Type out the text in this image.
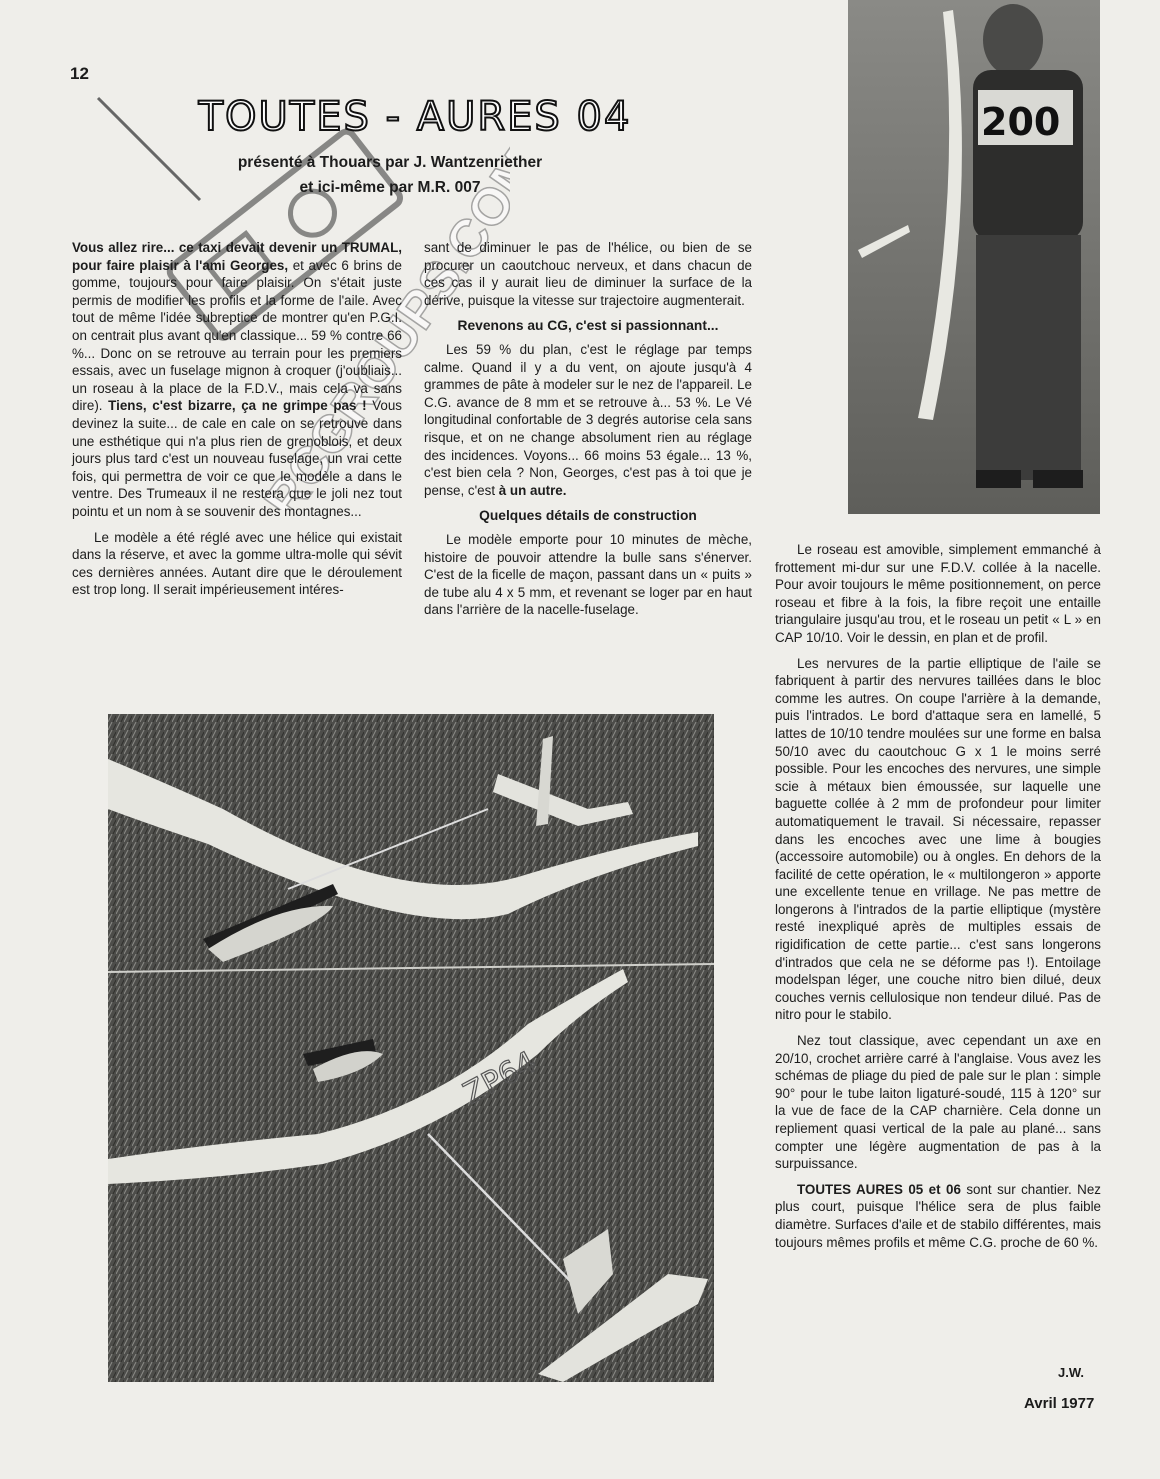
12
RCGROUPS.COM
TOUTES - AURES 04
présenté à Thouars par J. Wantzenriether
et ici-même par M.R. 007
200

Vous allez rire... ce taxi devait devenir un TRUMAL, pour faire plaisir à l'ami Georges, et avec 6 brins de gomme, toujours pour faire plaisir. On s'était juste permis de modifier les profils et la forme de l'aile. Avec tout de même l'idée subreptice de montrer qu'en P.G.I. on centrait plus avant qu'en classique... 59 % contre 66 %... Donc on se retrouve au terrain pour les premiers essais, avec un fuselage mignon à croquer (j'oubliais... un roseau à la place de la F.D.V., mais cela va sans dire). Tiens, c'est bizarre, ça ne grimpe pas ! Vous devinez la suite... de cale en cale on se retrouve dans une esthétique qui n'a plus rien de grenoblois, et deux jours plus tard c'est un nouveau fuselage, un vrai cette fois, qui permettra de voir ce que le modèle a dans le ventre. Des Trumeaux il ne restera que le joli nez tout pointu et un nom à se souvenir des montagnes...

Le modèle a été réglé avec une hélice qui existait dans la réserve, et avec la gomme ultra-molle qui sévit ces dernières années. Autant dire que le déroulement est trop long. Il serait impérieusement intéres-

sant de diminuer le pas de l'hélice, ou bien de se procurer un caoutchouc nerveux, et dans chacun de ces cas il y aurait lieu de diminuer la surface de la dérive, puisque la vitesse sur trajectoire augmenterait.

Revenons au CG, c'est si passionnant...

Les 59 % du plan, c'est le réglage par temps calme. Quand il y a du vent, on ajoute jusqu'à 4 grammes de pâte à modeler sur le nez de l'appareil. Le C.G. avance de 8 mm et se retrouve à... 53 %. Le Vé longitudinal confortable de 3 degrés autorise cela sans risque, et on ne change absolument rien au réglage des incidences. Voyons... 66 moins 53 égale... 13 %, c'est bien cela ? Non, Georges, c'est pas à toi que je pense, c'est à un autre.

Quelques détails de construction

Le modèle emporte pour 10 minutes de mèche, histoire de pouvoir attendre la bulle sans s'énerver. C'est de la ficelle de maçon, passant dans un « puits » de tube alu 4 x 5 mm, et revenant se loger par en haut dans l'arrière de la nacelle-fuselage.

ZP64

Le roseau est amovible, simplement emmanché à frottement mi-dur sur une F.D.V. collée à la nacelle. Pour avoir toujours le même positionnement, on perce roseau et fibre à la fois, la fibre reçoit une entaille triangulaire jusqu'au trou, et le roseau un petit « L » en CAP 10/10. Voir le dessin, en plan et de profil.

Les nervures de la partie elliptique de l'aile se fabriquent à partir des nervures taillées dans le bloc comme les autres. On coupe l'arrière à la demande, puis l'intrados. Le bord d'attaque sera en lamellé, 5 lattes de 10/10 tendre moulées sur une forme en balsa 50/10 avec du caoutchouc G x 1 le moins serré possible. Pour les encoches des nervures, une simple scie à métaux bien émoussée, sur laquelle une baguette collée à 2 mm de profondeur pour limiter automatiquement le travail. Si nécessaire, repasser dans les encoches avec une lime à bougies (accessoire automobile) ou à ongles. En dehors de la facilité de cette opération, le « multilongeron » apporte une excellente tenue en vrillage. Ne pas mettre de longerons à l'intrados de la partie elliptique (mystère resté inexpliqué après de multiples essais de rigidification de cette partie... c'est sans longerons d'intrados que cela ne se déforme pas !). Entoilage modelspan léger, une couche nitro bien dilué, deux couches vernis cellulosique non tendeur dilué. Pas de nitro pour le stabilo.

Nez tout classique, avec cependant un axe en 20/10, crochet arrière carré à l'anglaise. Vous avez les schémas de pliage du pied de pale sur le plan : simple 90° pour le tube laiton ligaturé-soudé, 115 à 120° sur la vue de face de la CAP charnière. Cela donne un repliement quasi vertical de la pale au plané... sans compter une légère augmentation de pas à la surpuissance.

TOUTES AURES 05 et 06 sont sur chantier. Nez plus court, puisque l'hélice sera de plus faible diamètre. Surfaces d'aile et de stabilo différentes, mais toujours mêmes profils et même C.G. proche de 60 %.

J.W.
Avril 1977
